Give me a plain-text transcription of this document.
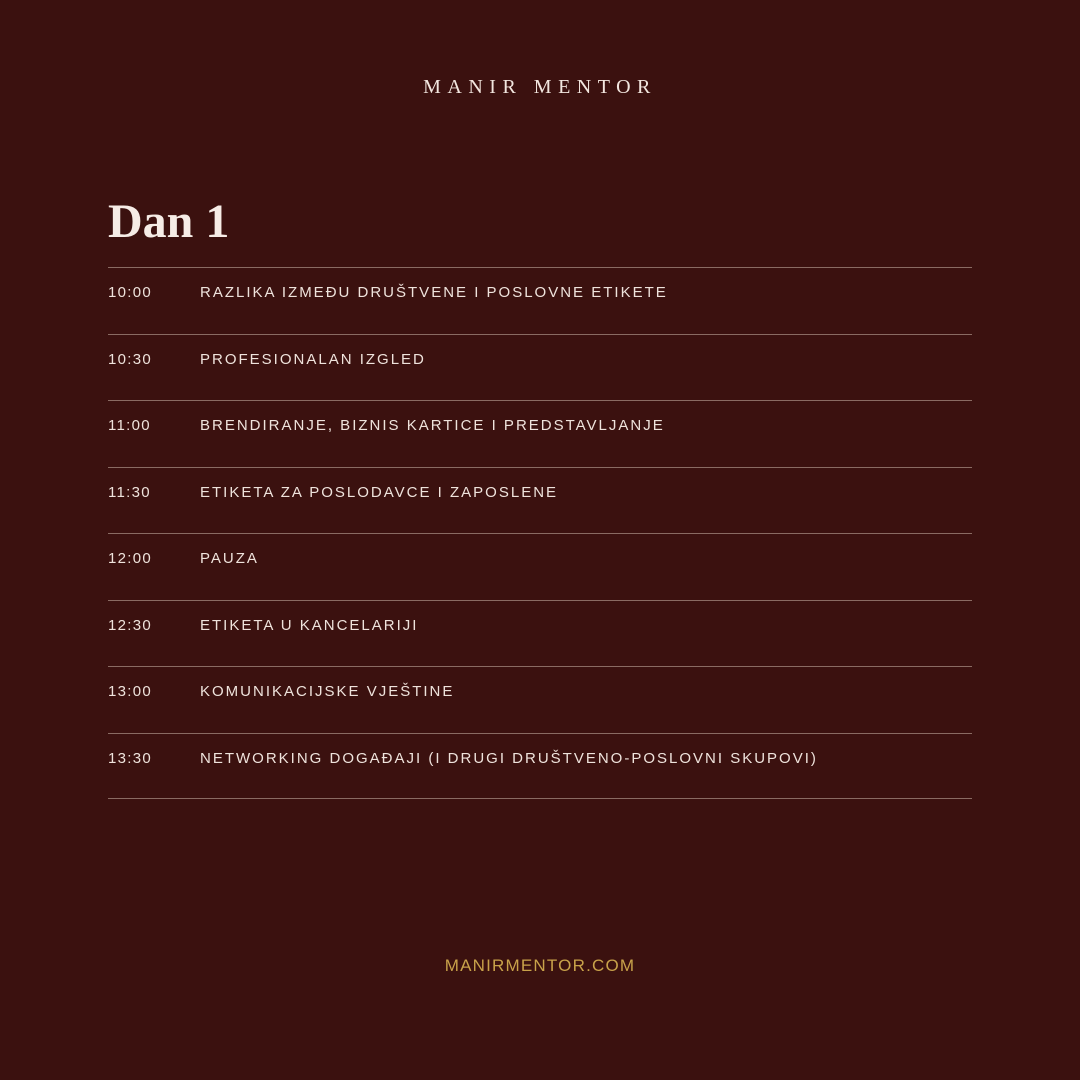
MANIR MENTOR
Dan 1
10:00	RAZLIKA IZMEĐU DRUŠTVENE I POSLOVNE ETIKETE
10:30	PROFESIONALAN IZGLED
11:00	BRENDIRANJE, BIZNIS KARTICE I PREDSTAVLJANJE
11:30	ETIKETA ZA POSLODAVCE I ZAPOSLENE
12:00	PAUZA
12:30	ETIKETA U KANCELARIJI
13:00	KOMUNIKACIJSKE VJEŠTINE
13:30	NETWORKING DOGAĐAJI (I DRUGI DRUŠTVENO-POSLOVNI SKUPOVI)
MANIRMENTOR.COM
